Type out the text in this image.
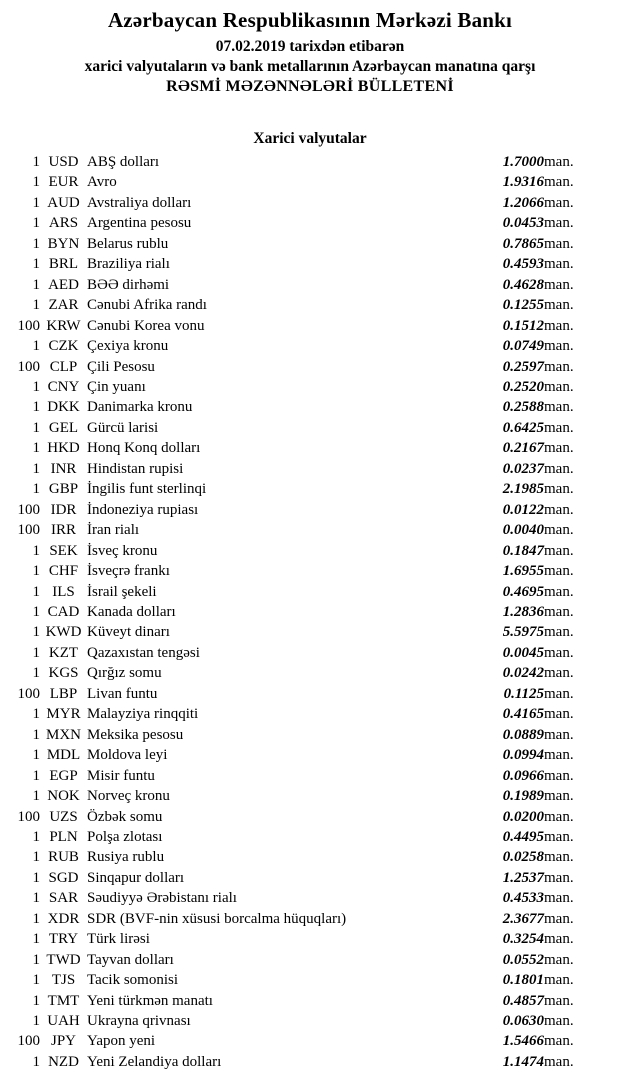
Azərbaycan Respublikasının Mərkəzi Bankı
07.02.2019 tarixdən etibarən
xarici valyutaların və bank metallarının Azərbaycan manatına qarşı
RƏSMİ MƏZƏNNƏLƏRİ BÜLLETENİ
Xarici valyutalar
1	USD	ABŞ dolları	1.7000	man.
1	EUR	Avro	1.9316	man.
1	AUD	Avstraliya dolları	1.2066	man.
1	ARS	Argentina pesosu	0.0453	man.
1	BYN	Belarus rublu	0.7865	man.
1	BRL	Braziliya rialı	0.4593	man.
1	AED	BƏƏ dirhəmi	0.4628	man.
1	ZAR	Cənubi Afrika randı	0.1255	man.
100	KRW	Cənubi Korea vonu	0.1512	man.
1	CZK	Çexiya kronu	0.0749	man.
100	CLP	Çili Pesosu	0.2597	man.
1	CNY	Çin yuanı	0.2520	man.
1	DKK	Danimarka kronu	0.2588	man.
1	GEL	Gürcü larisi	0.6425	man.
1	HKD	Honq Konq dolları	0.2167	man.
1	INR	Hindistan rupisi	0.0237	man.
1	GBP	İngilis funt sterlinqi	2.1985	man.
100	IDR	İndoneziya rupiası	0.0122	man.
100	IRR	İran rialı	0.0040	man.
1	SEK	İsveç kronu	0.1847	man.
1	CHF	İsveçrə frankı	1.6955	man.
1	ILS	İsrail şekeli	0.4695	man.
1	CAD	Kanada dolları	1.2836	man.
1	KWD	Küveyt dinarı	5.5975	man.
1	KZT	Qazaxıstan tengəsi	0.0045	man.
1	KGS	Qırğız somu	0.0242	man.
100	LBP	Livan funtu	0.1125	man.
1	MYR	Malayziya rinqqiti	0.4165	man.
1	MXN	Meksika pesosu	0.0889	man.
1	MDL	Moldova leyi	0.0994	man.
1	EGP	Misir funtu	0.0966	man.
1	NOK	Norveç kronu	0.1989	man.
100	UZS	Özbək somu	0.0200	man.
1	PLN	Polşa zlotası	0.4495	man.
1	RUB	Rusiya rublu	0.0258	man.
1	SGD	Sinqapur dolları	1.2537	man.
1	SAR	Səudiyyə Ərəbistanı rialı	0.4533	man.
1	XDR	SDR (BVF-nin xüsusi borcalma hüquqları)	2.3677	man.
1	TRY	Türk lirəsi	0.3254	man.
1	TWD	Tayvan dolları	0.0552	man.
1	TJS	Tacik somonisi	0.1801	man.
1	TMT	Yeni türkmən manatı	0.4857	man.
1	UAH	Ukrayna qrivnası	0.0630	man.
100	JPY	Yapon yeni	1.5466	man.
1	NZD	Yeni Zelandiya dolları	1.1474	man.
